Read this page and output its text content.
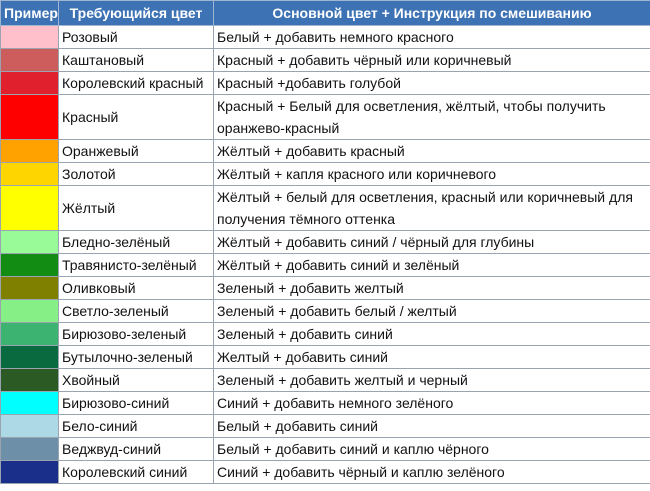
Пример	Требующийся цвет	Основной цвет + Инструкция по смешиванию
	Розовый	Белый + добавить немного красного
	Каштановый	Красный + добавить чёрный или коричневый
	Королевский красный	Красный +добавить голубой
	Красный	Красный + Белый для осветления, жёлтый, чтобы получить оранжево-красный
	Оранжевый	Жёлтый + добавить красный
	Золотой	Жёлтый + капля красного или коричневого
	Жёлтый	Жёлтый + белый для осветления, красный или коричневый для получения тёмного оттенка
	Бледно-зелёный	Жёлтый + добавить синий / чёрный для глубины
	Травянисто-зелёный	Жёлтый + добавить синий и зелёный
	Оливковый	Зеленый + добавить желтый
	Светло-зеленый	Зеленый + добавить белый / желтый
	Бирюзово-зеленый	Зеленый + добавить синий
	Бутылочно-зеленый	Желтый + добавить синий
	Хвойный	Зеленый + добавить желтый и черный
	Бирюзово-синий	Синий + добавить немного зелёного
	Бело-синий	Белый + добавить синий
	Веджвуд-синий	Белый + добавить синий и каплю чёрного
	Королевский синий	Синий + добавить чёрный и каплю зелёного
